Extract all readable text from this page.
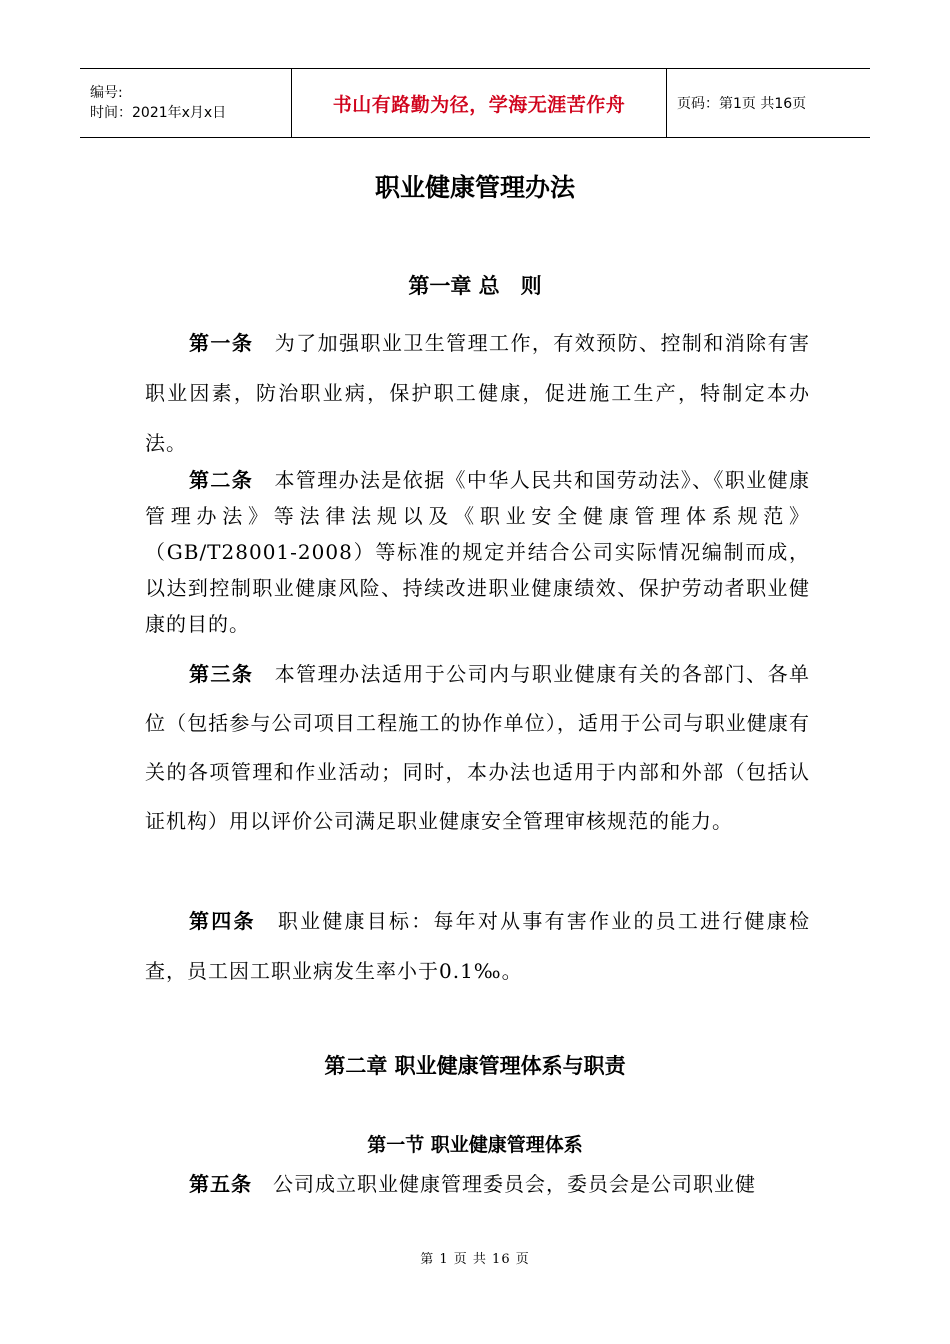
编号:
时间：2021年x月x日	书山有路勤为径，学海无涯苦作舟	页码：第1页 共16页
职业健康管理办法
第一章 总　则
第一条　为了加强职业卫生管理工作，有效预防、控制和消除有害职业因素，防治职业病，保护职工健康，促进施工生产，特制定本办法。
第二条　本管理办法是依据《中华人民共和国劳动法》、《职业健康管理办法》等法律法规以及《职业安全健康管理体系规范》（GB/T28001-2008）等标准的规定并结合公司实际情况编制而成，以达到控制职业健康风险、持续改进职业健康绩效、保护劳动者职业健康的目的。
第三条　本管理办法适用于公司内与职业健康有关的各部门、各单位（包括参与公司项目工程施工的协作单位），适用于公司与职业健康有关的各项管理和作业活动；同时，本办法也适用于内部和外部（包括认证机构）用以评价公司满足职业健康安全管理审核规范的能力。
第四条　职业健康目标：每年对从事有害作业的员工进行健康检查，员工因工职业病发生率小于0.1‰。
第二章 职业健康管理体系与职责
第一节 职业健康管理体系
第五条　公司成立职业健康管理委员会，委员会是公司职业健
第 1 页 共 16 页
